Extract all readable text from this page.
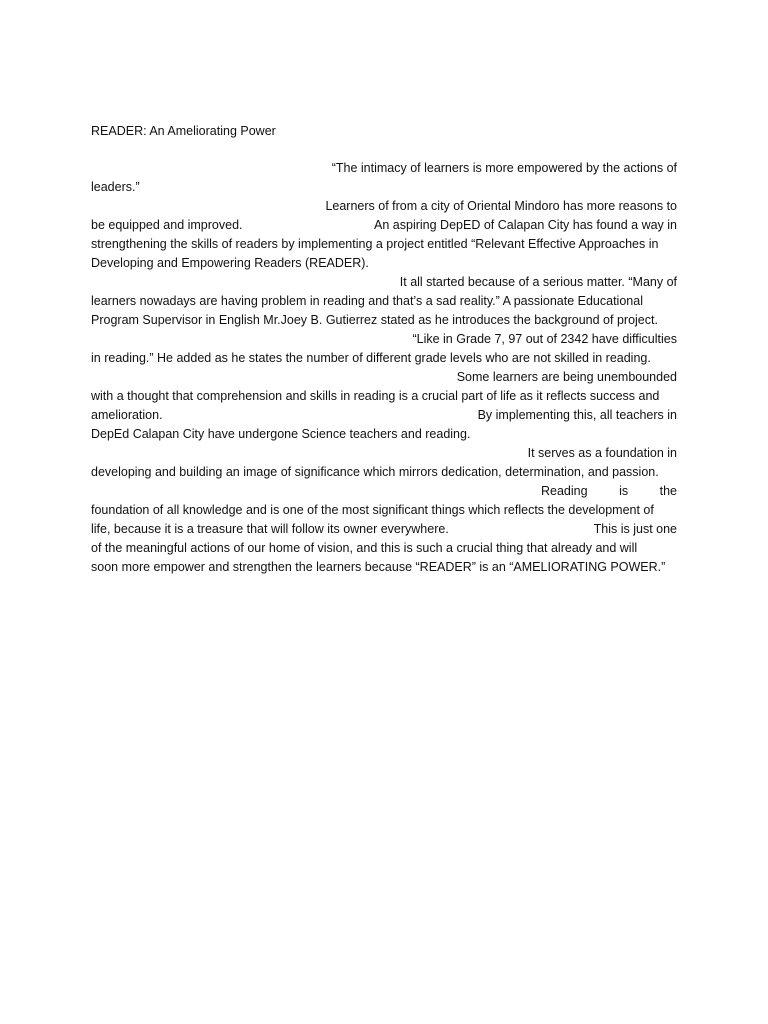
READER: An Ameliorating Power
“The intimacy of learners is more empowered by the actions of
leaders.”
Learners of from a city of Oriental Mindoro has more reasons to
be equipped and improved.	An aspiring DepED of Calapan City has found a way in
strengthening the skills of readers by implementing a project entitled “Relevant Effective Approaches in
Developing and Empowering Readers (READER).
It all started because of a serious matter. “Many of
learners nowadays are having problem in reading and that’s a sad reality.” A passionate Educational
Program Supervisor in English Mr.Joey B. Gutierrez stated as he introduces the background of project.
“Like in Grade 7, 97 out of 2342 have difficulties
in reading.” He added as he states the number of different grade levels who are not skilled in reading.
Some learners are being unembounded
with a thought that comprehension and skills in reading is a crucial part of life as it reflects success and
amelioration.	By implementing this, all teachers in
DepEd Calapan City have undergone Science teachers and reading.
It serves as a foundation in
developing and building an image of significance which mirrors dedication, determination, and passion.
Reading	is	the
foundation of all knowledge and is one of the most significant things which reflects the development of
life, because it is a treasure that will follow its owner everywhere.	This is just one
of the meaningful actions of our home of vision, and this is such a crucial thing that already and will
soon more empower and strengthen the learners because “READER” is an “AMELIORATING POWER.”
